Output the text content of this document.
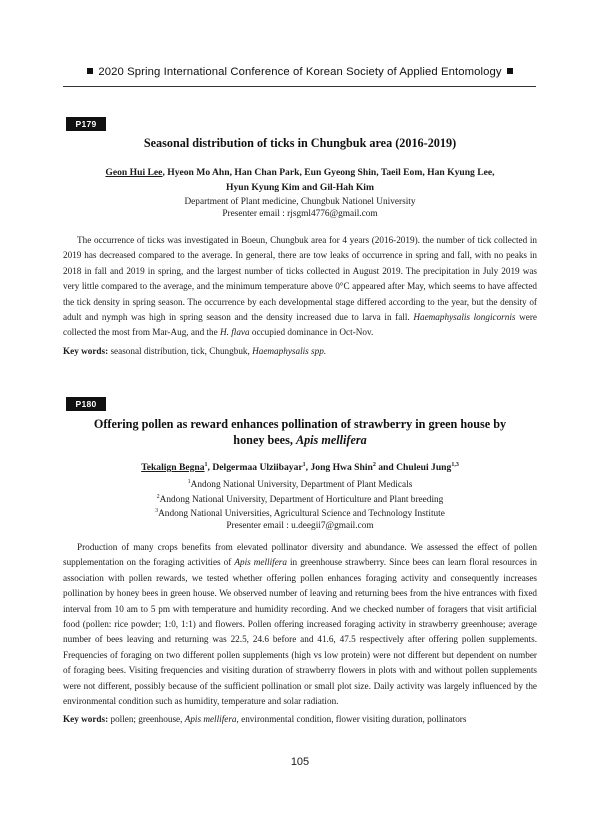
2020 Spring International Conference of Korean Society of Applied Entomology
P179
Seasonal distribution of ticks in Chungbuk area (2016-2019)
Geon Hui Lee, Hyeon Mo Ahn, Han Chan Park, Eun Gyeong Shin, Taeil Eom, Han Kyung Lee,
Hyun Kyung Kim and Gil-Hah Kim
Department of Plant medicine, Chungbuk Nationel University
Presenter email : rjsgml4776@gmail.com

The occurrence of ticks was investigated in Boeun, Chungbuk area for 4 years (2016-2019). the number of tick collected in 2019 has decreased compared to the average. In general, there are tow leaks of occurrence in spring and fall, with no peaks in 2018 in fall and 2019 in spring, and the largest number of ticks collected in August 2019. The precipitation in July 2019 was very little compared to the average, and the minimum temperature above 0°C appeared after May, which seems to have affected the tick density in spring season. The occurrence by each developmental stage differed according to the year, but the density of adult and nymph was high in spring season and the density increased due to larva in fall. Haemaphysalis longicornis were collected the most from Mar-Aug, and the H. flava occupied dominance in Oct-Nov.

Key words: seasonal distribution, tick, Chungbuk, Haemaphysalis spp.
P180
Offering pollen as reward enhances pollination of strawberry in green house by
honey bees, Apis mellifera
Tekalign Begna$^1$, Delgermaa Ulziibayar$^1$, Jong Hwa Shin$^2$ and Chuleui Jung$^{1,3}$
$^1$Andong National University, Department of Plant Medicals
$^2$Andong National University, Department of Horticulture and Plant breeding
$^3$Andong National Universities, Agricultural Science and Technology Institute
Presenter email : u.deegii7@gmail.com

Production of many crops benefits from elevated pollinator diversity and abundance. We assessed the effect of pollen supplementation on the foraging activities of Apis mellifera in greenhouse strawberry. Since bees can learn floral resources in association with pollen rewards, we tested whether offering pollen enhances foraging activity and consequently increases pollination by honey bees in green house. We observed number of leaving and returning bees from the hive entrances with fixed interval from 10 am to 5 pm with temperature and humidity recording. And we checked number of foragers that visit artificial food (pollen: rice powder; 1:0, 1:1) and flowers. Pollen offering increased foraging activity in strawberry greenhouse; average number of bees leaving and returning was 22.5, 24.6 before and 41.6, 47.5 respectively after offering pollen supplements. Frequencies of foraging on two different pollen supplements (high vs low protein) were not different but dependent on number of foraging bees. Visiting frequencies and visiting duration of strawberry flowers in plots with and without pollen supplements were not different, possibly because of the sufficient pollination or small plot size. Daily activity was largely influenced by the environmental condition such as humidity, temperature and solar radiation.

Key words: pollen; greenhouse, Apis mellifera, environmental condition, flower visiting duration, pollinators
105
